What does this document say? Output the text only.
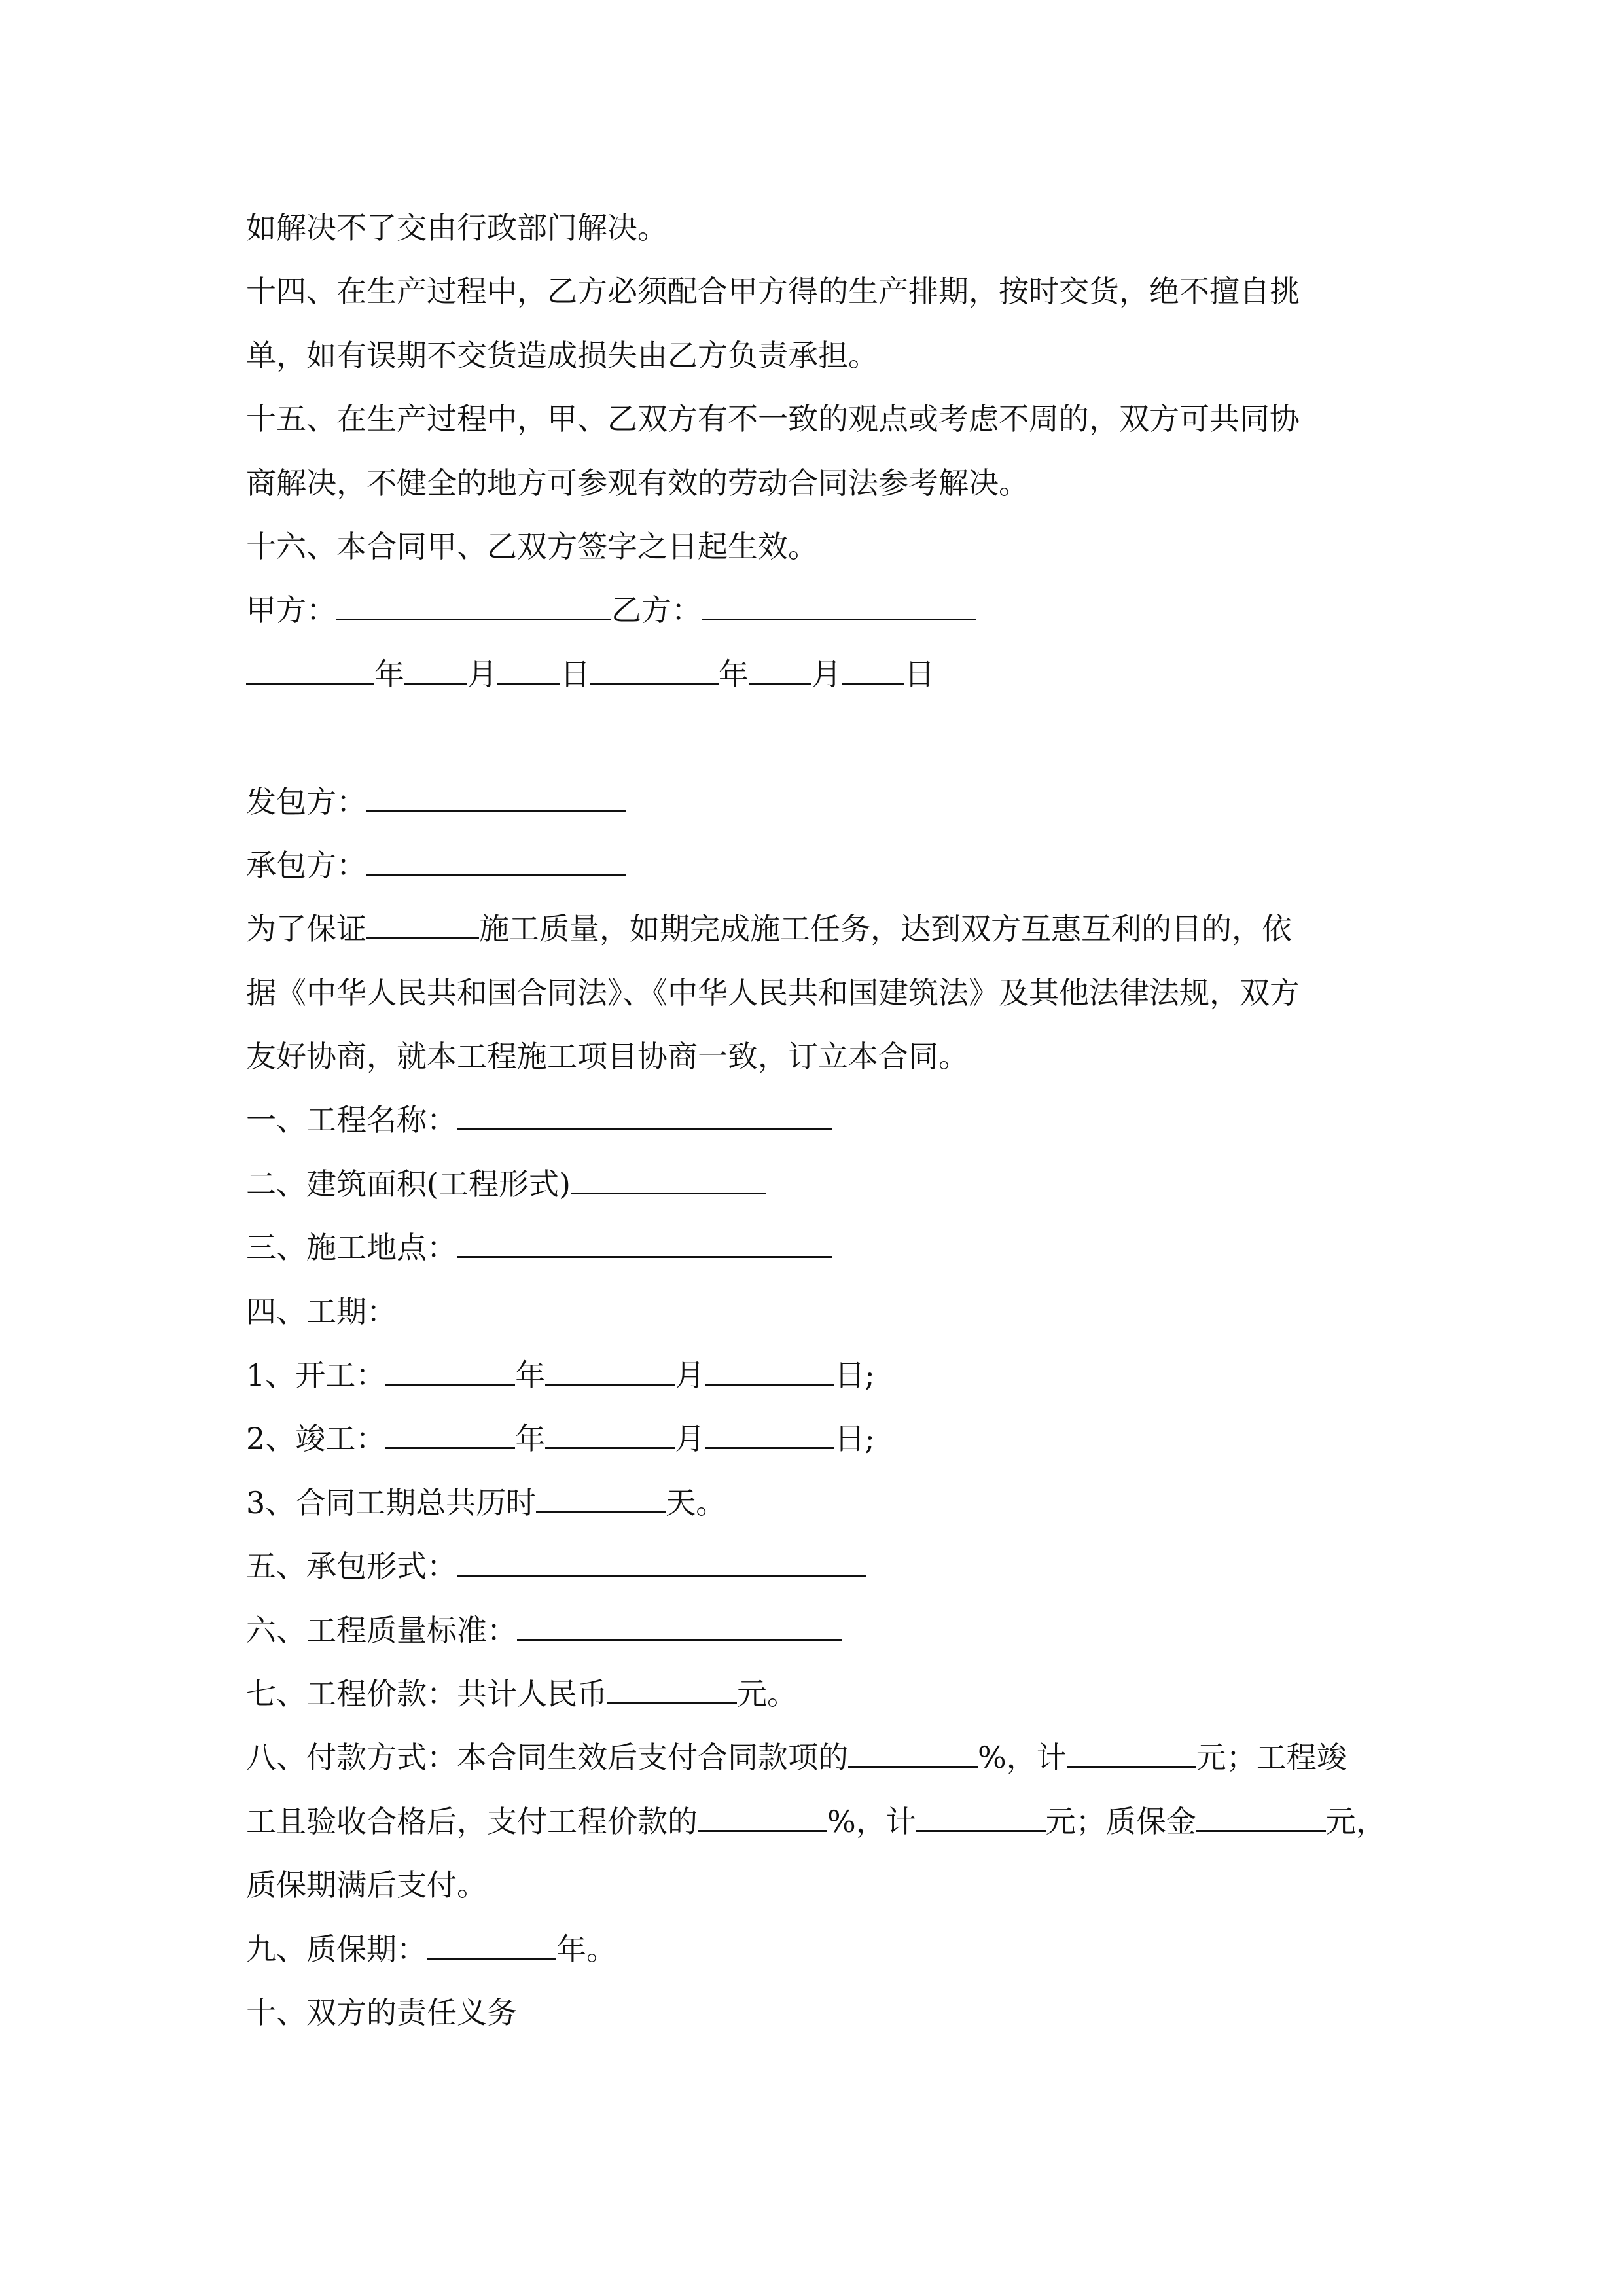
如解决不了交由行政部门解决。
十四、在生产过程中，乙方必须配合甲方得的生产排期，按时交货，绝不擅自挑
单，如有误期不交货造成损失由乙方负责承担。
十五、在生产过程中，甲、乙双方有不一致的观点或考虑不周的，双方可共同协
商解决，不健全的地方可参观有效的劳动合同法参考解决。
十六、本合同甲、乙双方签字之日起生效。
甲方：	乙方：
年 月 日	年 月 日
发包方：
承包方：
为了保证	施工质量，如期完成施工任务，达到双方互惠互利的目的，依
据《中华人民共和国合同法》、《中华人民共和国建筑法》及其他法律法规，双方
友好协商，就本工程施工项目协商一致，订立本合同。
一、工程名称：
二、建筑面积(工程形式)
三、施工地点：
四、工期：
1、开工：	年	月	日;
2、竣工：	年	月	日;
3、合同工期总共历时	天。
五、承包形式：
六、工程质量标准：
七、工程价款：共计人民币	元。
八、付款方式：本合同生效后支付合同款项的	%，计	元；工程竣
工且验收合格后，支付工程价款的	%，计	元；质保金	元，
质保期满后支付。
九、质保期：	年。
十、双方的责任义务
